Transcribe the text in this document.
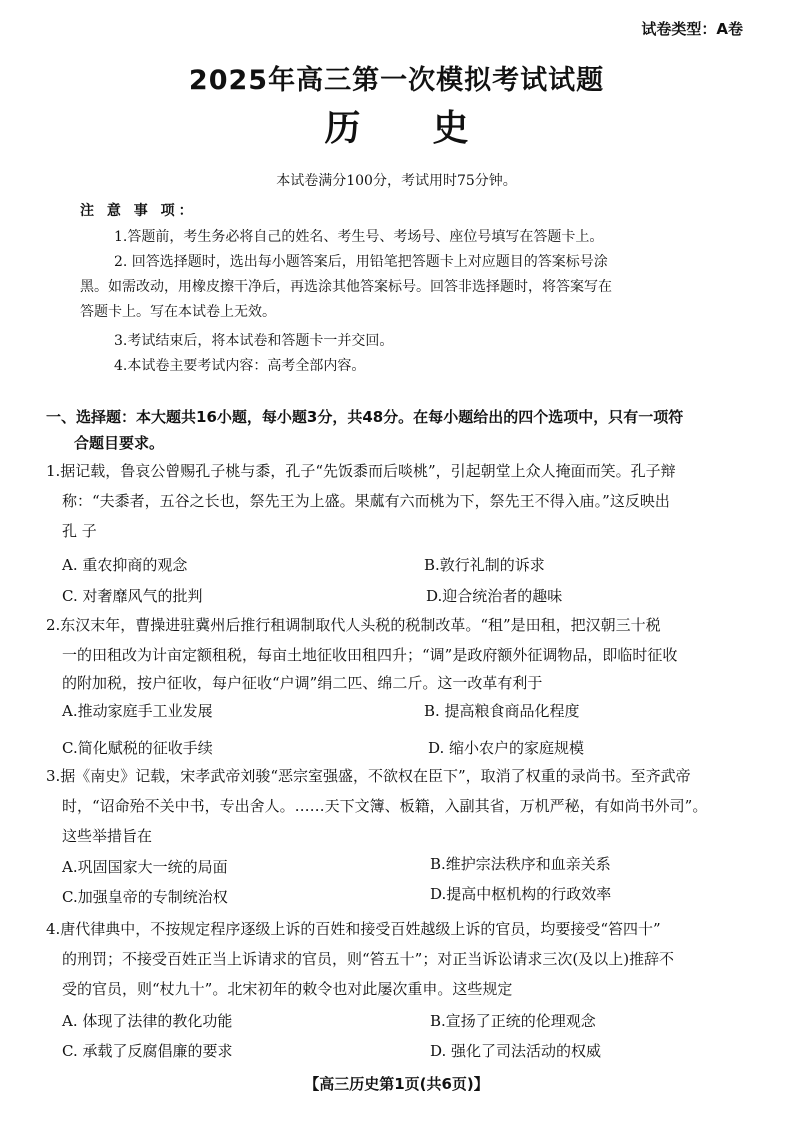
试卷类型：A卷
2025年高三第一次模拟考试试题
历 史
本试卷满分100分，考试用时75分钟。
注 意 事 项：
1.答题前，考生务必将自己的姓名、考生号、考场号、座位号填写在答题卡上。
2. 回答选择题时，选出每小题答案后，用铅笔把答题卡上对应题目的答案标号涂
黑。如需改动，用橡皮擦干净后，再选涂其他答案标号。回答非选择题时，将答案写在
答题卡上。写在本试卷上无效。
3.考试结束后，将本试卷和答题卡一并交回。
4.本试卷主要考试内容：高考全部内容。
一、选择题：本大题共16小题，每小题3分，共48分。在每小题给出的四个选项中，只有一项符
合题目要求。
1.据记载，鲁哀公曾赐孔子桃与黍，孔子“先饭黍而后啖桃”，引起朝堂上众人掩面而笑。孔子辩
称：“夫黍者，五谷之长也，祭先王为上盛。果蓏有六而桃为下，祭先王不得入庙。”这反映出
孔 子
A. 重农抑商的观念	B.敦行礼制的诉求
C. 对奢靡风气的批判	D.迎合统治者的趣味
2.东汉末年，曹操进驻冀州后推行租调制取代人头税的税制改革。“租”是田租，把汉朝三十税
一的田租改为计亩定额租税，每亩土地征收田租四升；“调”是政府额外征调物品，即临时征收
的附加税，按户征收，每户征收“户调”绢二匹、绵二斤。这一改革有利于
A.推动家庭手工业发展	B. 提高粮食商品化程度
C.简化赋税的征收手续	D. 缩小农户的家庭规模
3.据《南史》记载，宋孝武帝刘骏“恶宗室强盛，不欲权在臣下”，取消了权重的录尚书。至齐武帝
时，“诏命殆不关中书，专出舍人。……天下文簿、板籍，入副其省，万机严秘，有如尚书外司”。
这些举措旨在
A.巩固国家大一统的局面	B.维护宗法秩序和血亲关系
C.加强皇帝的专制统治权	D.提高中枢机构的行政效率
4.唐代律典中，不按规定程序逐级上诉的百姓和接受百姓越级上诉的官员，均要接受“笞四十”
的刑罚；不接受百姓正当上诉请求的官员，则“笞五十”；对正当诉讼请求三次(及以上)推辞不
受的官员，则“杖九十”。北宋初年的敕令也对此屡次重申。这些规定
A. 体现了法律的教化功能	B.宣扬了正统的伦理观念
C. 承载了反腐倡廉的要求	D. 强化了司法活动的权威
【高三历史第1页(共6页)】
